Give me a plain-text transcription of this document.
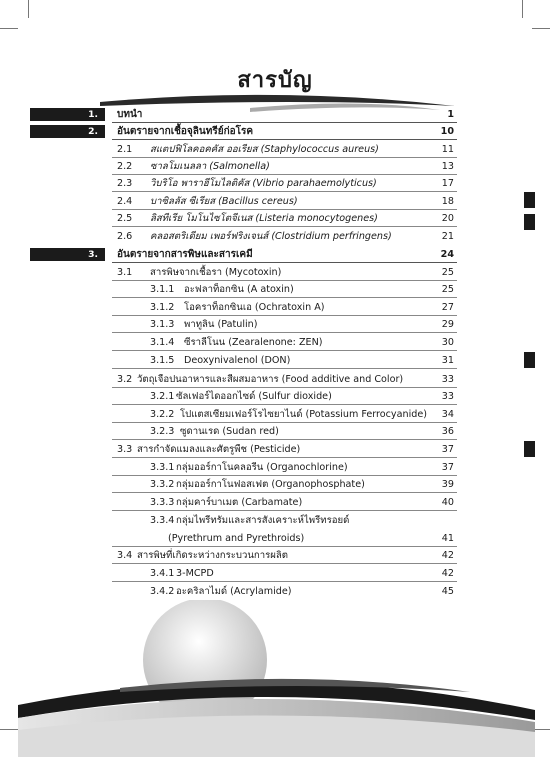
สารบัญ
1. บทนำ	1
2. อันตรายจากเชื้อจุลินทรีย์ก่อโรค	10
2.1 สแตปฟิโลคอคคัส ออเรียส (Staphylococcus aureus)	11
2.2 ซาลโมเนลลา (Salmonella)	13
2.3 วิบริโอ พาราฮีโมไลติคัส (Vibrio parahaemolyticus)	17
2.4 บาซิลลัส ซีเรียส (Bacillus cereus)	18
2.5 ลิสทีเรีย โมโนไซโตจีเนส (Listeria monocytogenes)	20
2.6 คลอสตริเดียม เพอร์ฟริงเจนส์ (Clostridium perfringens)	21
3. อันตรายจากสารพิษและสารเคมี	24
3.1 สารพิษจากเชื้อรา (Mycotoxin)	25
3.1.1 อะฟลาท็อกซิน (A atoxin)	25
3.1.2 โอคราท็อกซินเอ (Ochratoxin A)	27
3.1.3 พาทูลิน (Patulin)	29
3.1.4 ซีราลีโนน (Zearalenone: ZEN)	30
3.1.5 Deoxynivalenol (DON)	31
3.2 วัตถุเจือปนอาหารและสีผสมอาหาร (Food additive and Color)	33
3.2.1 ซัลเฟอร์ไดออกไซด์ (Sulfur dioxide)	33
3.2.2 โปแตสเซียมเฟอร์โรไซยาไนด์ (Potassium Ferrocyanide) 34
3.2.3 ซูดานเรด (Sudan red)	36
3.3 สารกำจัดแมลงและศัตรูพืช (Pesticide)	37
3.3.1 กลุ่มออร์กาโนคลอรีน (Organochlorine)	37
3.3.2 กลุ่มออร์กาโนฟอสเฟต (Organophosphate)	39
3.3.3 กลุ่มคาร์บาเมต (Carbamate)	40
3.3.4 กลุ่มไพรีทรัมและสารสังเคราะห์ไพรีทรอยด์
(Pyrethrum and Pyrethroids)	41
3.4 สารพิษที่เกิดระหว่างกระบวนการผลิต	42
3.4.1 3-MCPD	42
3.4.2 อะคริลาไมด์ (Acrylamide)	45
